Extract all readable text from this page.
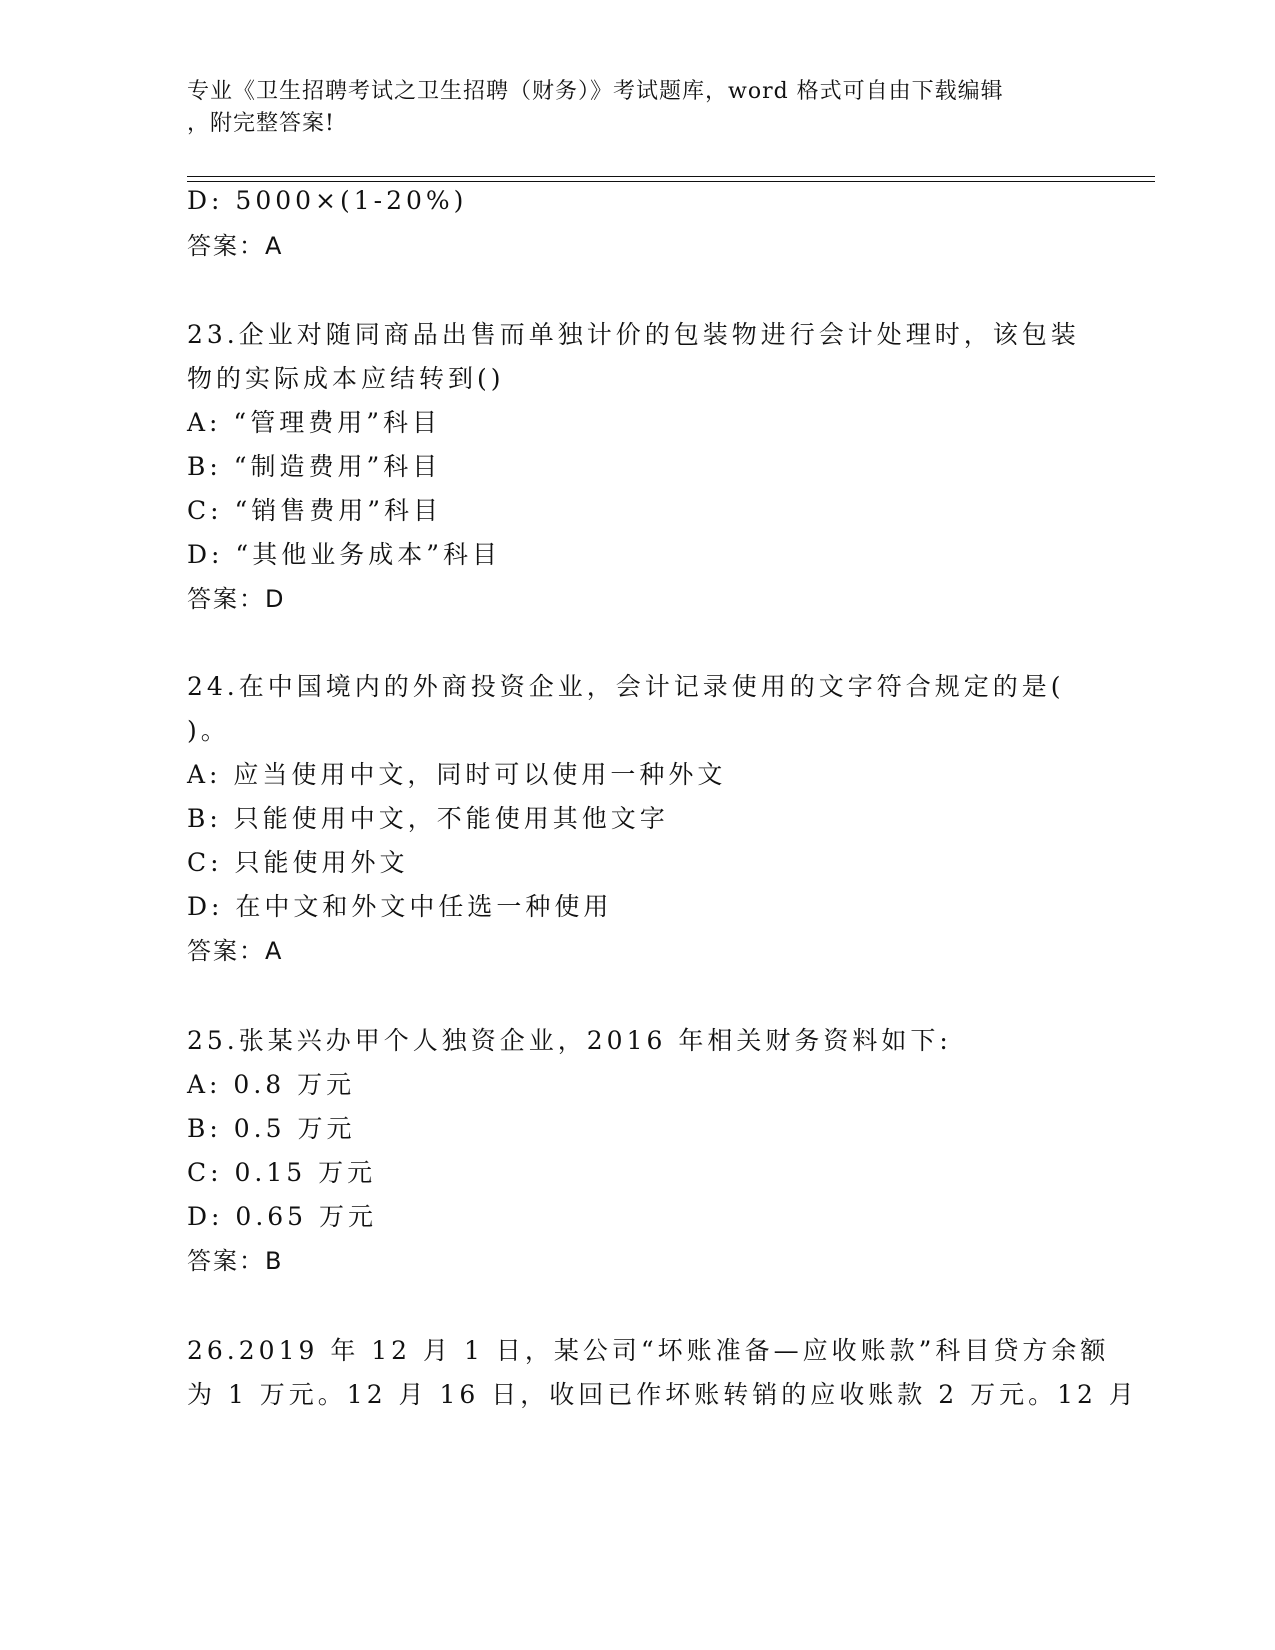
专业《卫生招聘考试之卫生招聘（财务）》考试题库，word 格式可自由下载编辑
，附完整答案!
D: 5000×(1-20%)
答案：A
23.企业对随同商品出售而单独计价的包装物进行会计处理时，该包装
物的实际成本应结转到()
A: “管理费用”科目
B: “制造费用”科目
C: “销售费用”科目
D: “其他业务成本”科目
答案：D
24.在中国境内的外商投资企业，会计记录使用的文字符合规定的是(
)。
A: 应当使用中文，同时可以使用一种外文
B: 只能使用中文，不能使用其他文字
C: 只能使用外文
D: 在中文和外文中任选一种使用
答案：A
25.张某兴办甲个人独资企业，2016 年相关财务资料如下:
A: 0.8 万元
B: 0.5 万元
C: 0.15 万元
D: 0.65 万元
答案：B
26.2019 年 12 月 1 日，某公司“坏账准备—应收账款”科目贷方余额
为 1 万元。12 月 16 日，收回已作坏账转销的应收账款 2 万元。12 月
